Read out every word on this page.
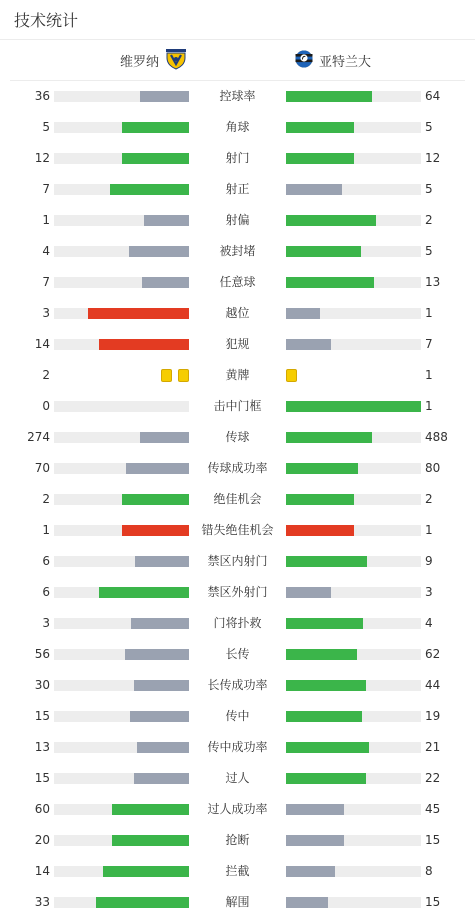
技术统计
维罗纳	亚特兰大
36	控球率	64
5	角球	5
12	射门	12
7	射正	5
1	射偏	2
4	被封堵	5
7	任意球	13
3	越位	1
14	犯规	7
2	黄牌	1
0	击中门框	1
274	传球	488
70	传球成功率	80
2	绝佳机会	2
1	错失绝佳机会	1
6	禁区内射门	9
6	禁区外射门	3
3	门将扑救	4
56	长传	62
30	长传成功率	44
15	传中	19
13	传中成功率	21
15	过人	22
60	过人成功率	45
20	抢断	15
14	拦截	8
33	解围	15
